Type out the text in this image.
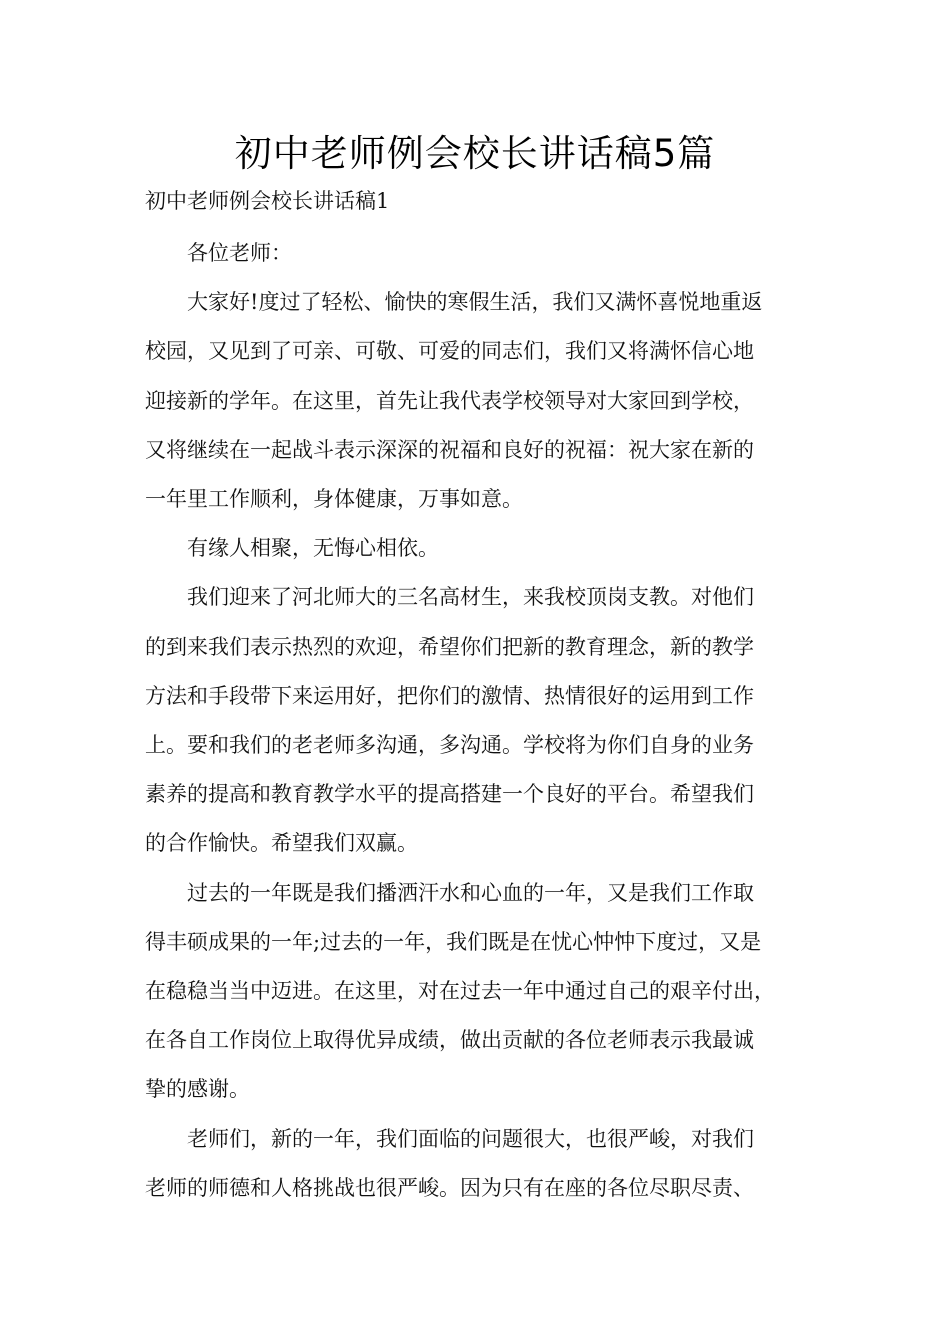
初中老师例会校长讲话稿5篇
初中老师例会校长讲话稿1

各位老师：

大家好!度过了轻松、愉快的寒假生活，我们又满怀喜悦地重返
校园，又见到了可亲、可敬、可爱的同志们，我们又将满怀信心地
迎接新的学年。在这里，首先让我代表学校领导对大家回到学校，
又将继续在一起战斗表示深深的祝福和良好的祝福：祝大家在新的
一年里工作顺利，身体健康，万事如意。

有缘人相聚，无悔心相依。

我们迎来了河北师大的三名高材生，来我校顶岗支教。对他们
的到来我们表示热烈的欢迎，希望你们把新的教育理念，新的教学
方法和手段带下来运用好，把你们的激情、热情很好的运用到工作
上。要和我们的老老师多沟通，多沟通。学校将为你们自身的业务
素养的提高和教育教学水平的提高搭建一个良好的平台。希望我们
的合作愉快。希望我们双赢。

过去的一年既是我们播洒汗水和心血的一年，又是我们工作取
得丰硕成果的一年;过去的一年，我们既是在忧心忡忡下度过，又是
在稳稳当当中迈进。在这里，对在过去一年中通过自己的艰辛付出，
在各自工作岗位上取得优异成绩，做出贡献的各位老师表示我最诚
挚的感谢。

老师们，新的一年，我们面临的问题很大，也很严峻，对我们
老师的师德和人格挑战也很严峻。因为只有在座的各位尽职尽责、
